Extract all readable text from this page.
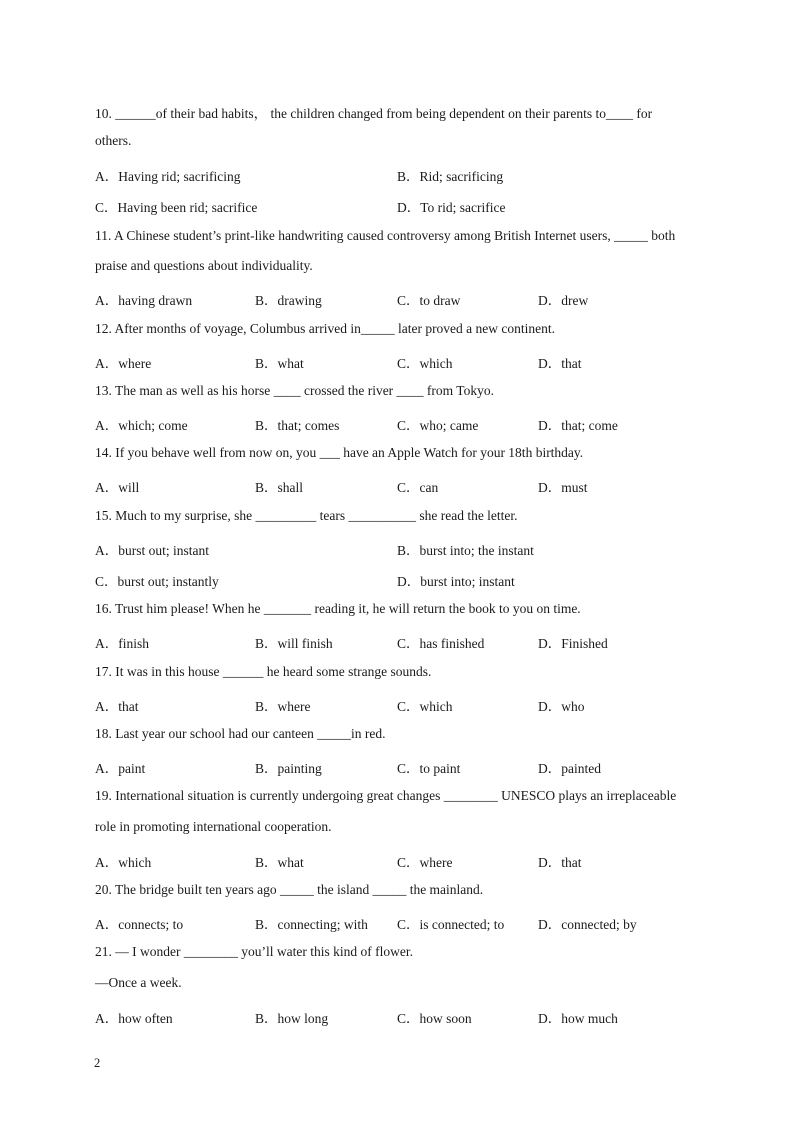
10. ______of their bad habits， the children changed from being dependent on their parents to____ for
others.
A．Having rid; sacrificing	B．Rid; sacrificing
C．Having been rid; sacrifice	D．To rid; sacrifice
11. A Chinese student’s print-like handwriting caused controversy among British Internet users, _____ both
praise and questions about individuality.
A．having drawn	B．drawing	C．to draw	D．drew
12. After months of voyage, Columbus arrived in_____ later proved a new continent.
A．where	B．what	C．which	D．that
13. The man as well as his horse ____ crossed the river ____ from Tokyo.
A．which; come	B．that; comes	C．who; came	D．that; come
14. If you behave well from now on, you ___ have an Apple Watch for your 18th birthday.
A．will	B．shall	C．can	D．must
15. Much to my surprise, she _________ tears __________ she read the letter.
A．burst out; instant	B．burst into; the instant
C．burst out; instantly	D．burst into; instant
16. Trust him please! When he _______ reading it, he will return the book to you on time.
A．finish	B．will finish	C．has finished	D．Finished
17. It was in this house ______ he heard some strange sounds.
A．that	B．where	C．which	D．who
18. Last year our school had our canteen _____in red.
A．paint	B．painting	C．to paint	D．painted
19. International situation is currently undergoing great changes ________ UNESCO plays an irreplaceable
role in promoting international cooperation.
A．which	B．what	C．where	D．that
20. The bridge built ten years ago _____ the island _____ the mainland.
A．connects; to	B．connecting; with C．is connected; to	D．connected; by
21. — I wonder ________ you’ll water this kind of flower.
—Once a week.
A．how often	B．how long	C．how soon	D．how much
2
